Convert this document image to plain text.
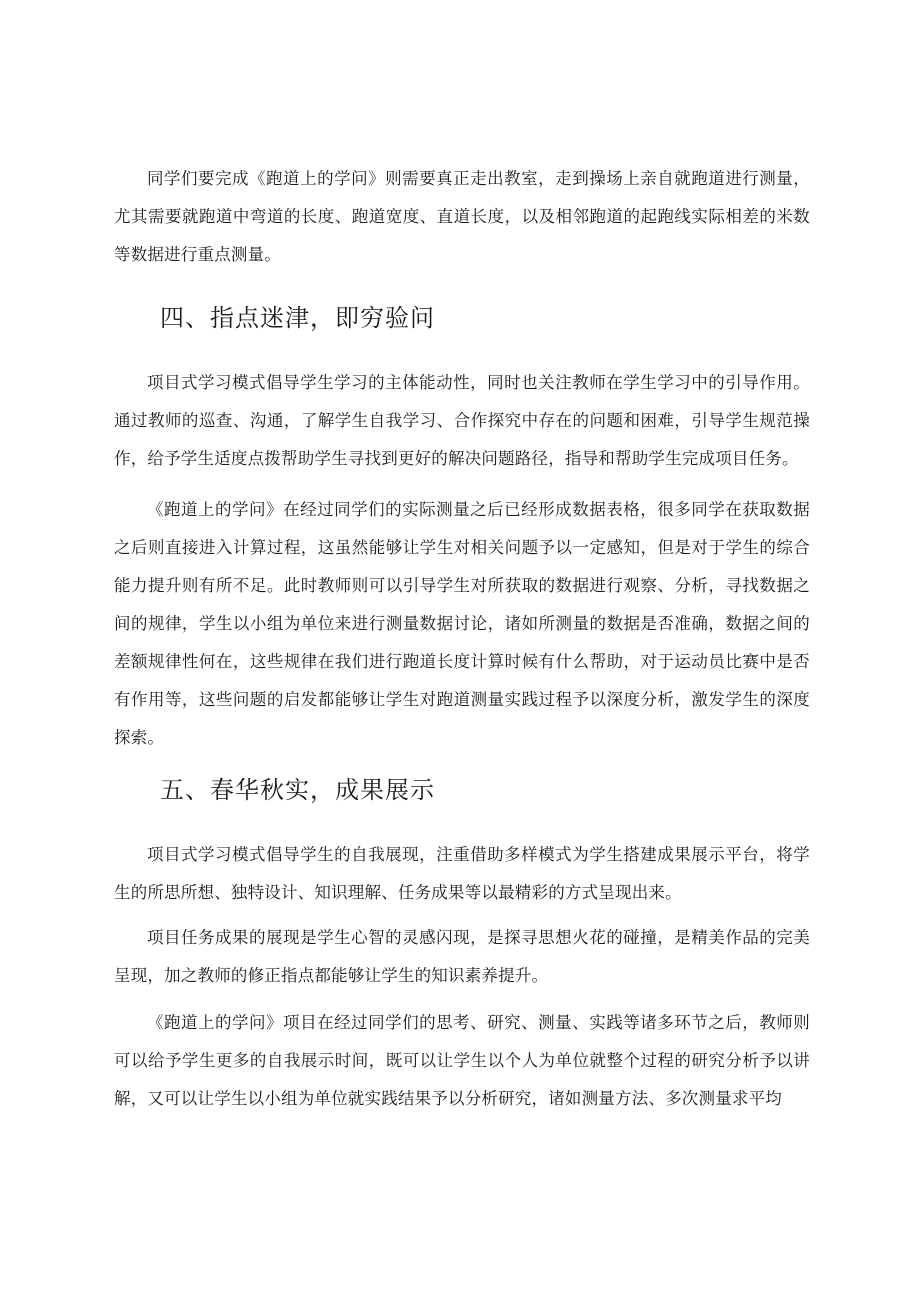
同学们要完成《跑道上的学问》则需要真正走出教室，走到操场上亲自就跑道进行测量，尤其需要就跑道中弯道的长度、跑道宽度、直道长度，以及相邻跑道的起跑线实际相差的米数等数据进行重点测量。

四、指点迷津，即穷验问

项目式学习模式倡导学生学习的主体能动性，同时也关注教师在学生学习中的引导作用。通过教师的巡查、沟通，了解学生自我学习、合作探究中存在的问题和困难，引导学生规范操作，给予学生适度点拨帮助学生寻找到更好的解决问题路径，指导和帮助学生完成项目任务。

《跑道上的学问》在经过同学们的实际测量之后已经形成数据表格，很多同学在获取数据之后则直接进入计算过程，这虽然能够让学生对相关问题予以一定感知，但是对于学生的综合能力提升则有所不足。此时教师则可以引导学生对所获取的数据进行观察、分析，寻找数据之间的规律，学生以小组为单位来进行测量数据讨论，诸如所测量的数据是否准确，数据之间的差额规律性何在，这些规律在我们进行跑道长度计算时候有什么帮助，对于运动员比赛中是否有作用等，这些问题的启发都能够让学生对跑道测量实践过程予以深度分析，激发学生的深度探索。

五、春华秋实，成果展示

项目式学习模式倡导学生的自我展现，注重借助多样模式为学生搭建成果展示平台，将学生的所思所想、独特设计、知识理解、任务成果等以最精彩的方式呈现出来。

项目任务成果的展现是学生心智的灵感闪现，是探寻思想火花的碰撞，是精美作品的完美呈现，加之教师的修正指点都能够让学生的知识素养提升。

《跑道上的学问》项目在经过同学们的思考、研究、测量、实践等诸多环节之后，教师则可以给予学生更多的自我展示时间，既可以让学生以个人为单位就整个过程的研究分析予以讲解，又可以让学生以小组为单位就实践结果予以分析研究，诸如测量方法、多次测量求平均
